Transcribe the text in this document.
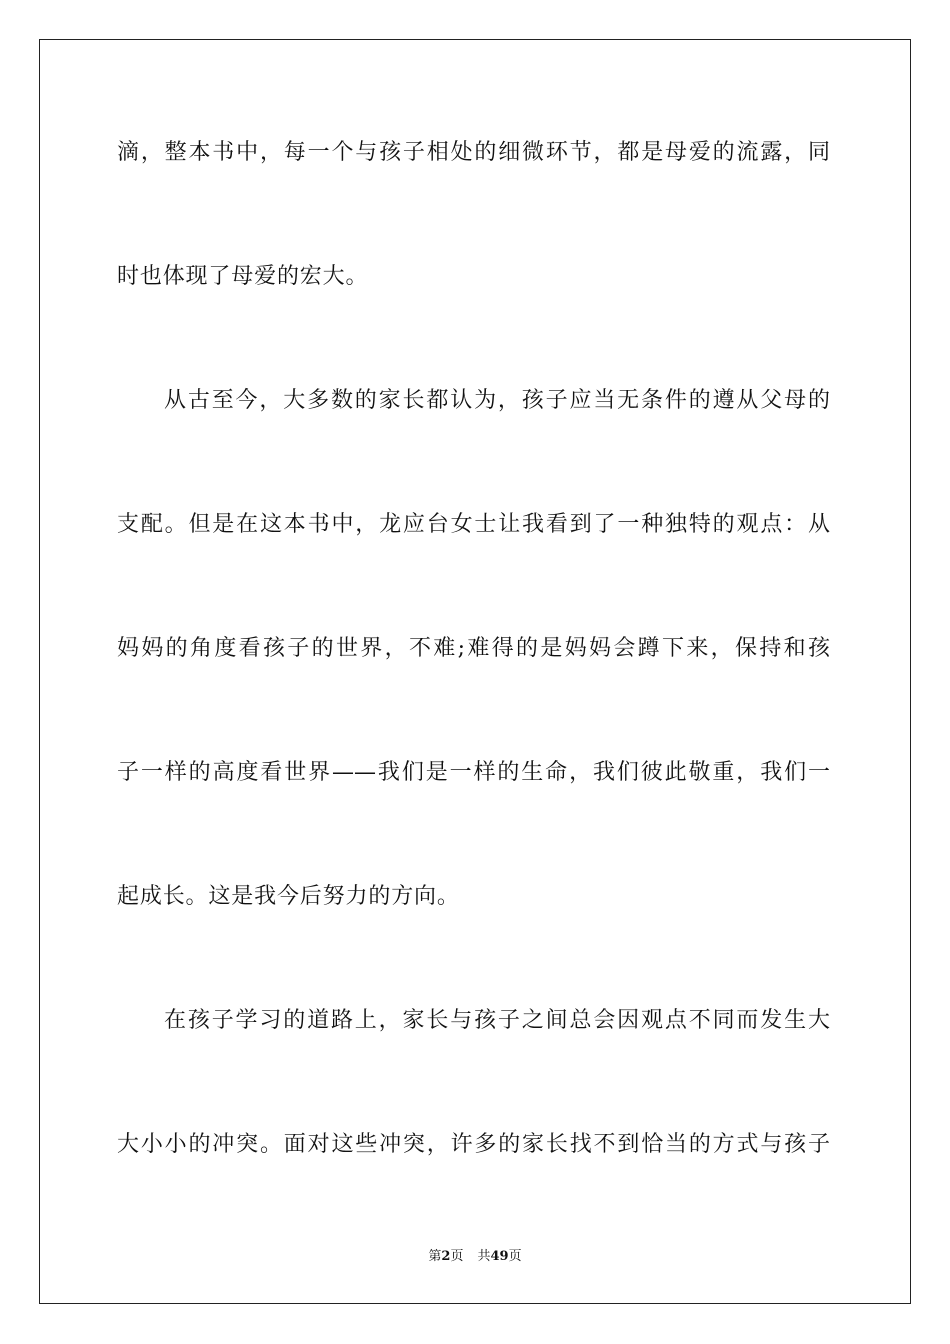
滴，整本书中，每一个与孩子相处的细微环节，都是母爱的流露，同
时也体现了母爱的宏大。
从古至今，大多数的家长都认为，孩子应当无条件的遵从父母的
支配。但是在这本书中，龙应台女士让我看到了一种独特的观点：从
妈妈的角度看孩子的世界，不难;难得的是妈妈会蹲下来，保持和孩
子一样的高度看世界——我们是一样的生命，我们彼此敬重，我们一
起成长。这是我今后努力的方向。
在孩子学习的道路上，家长与孩子之间总会因观点不同而发生大
大小小的冲突。面对这些冲突，许多的家长找不到恰当的方式与孩子
第2页 共49页
